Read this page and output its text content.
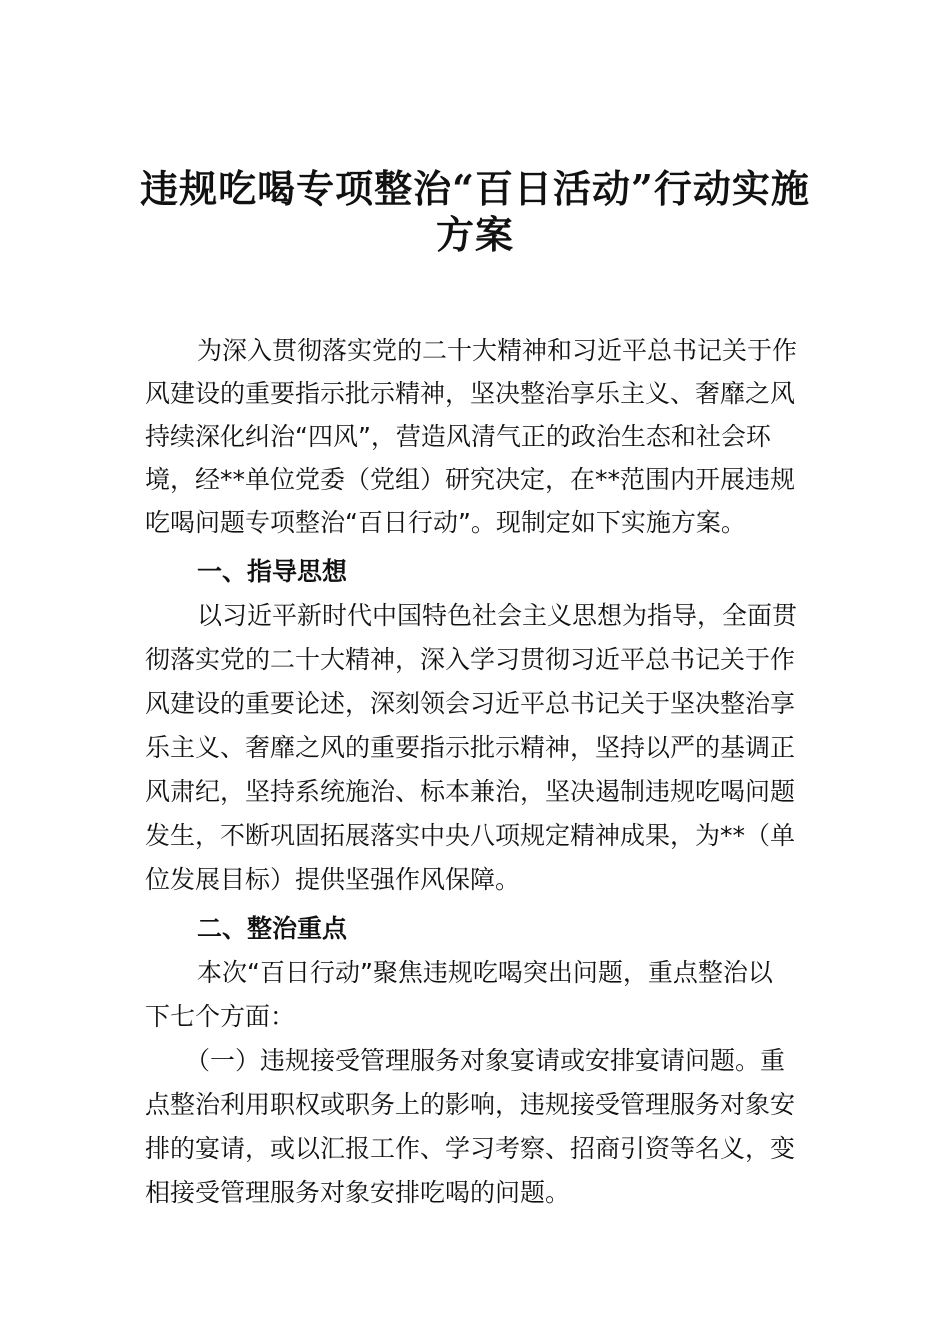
违规吃喝专项整治“百日活动”行动实施
方案
为深入贯彻落实党的二十大精神和习近平总书记关于作
风建设的重要指示批示精神，坚决整治享乐主义、奢靡之风
持续深化纠治“四风”，营造风清气正的政治生态和社会环
境，经**单位党委（党组）研究决定，在**范围内开展违规
吃喝问题专项整治“百日行动”。现制定如下实施方案。
一、指导思想
以习近平新时代中国特色社会主义思想为指导，全面贯
彻落实党的二十大精神，深入学习贯彻习近平总书记关于作
风建设的重要论述，深刻领会习近平总书记关于坚决整治享
乐主义、奢靡之风的重要指示批示精神，坚持以严的基调正
风肃纪，坚持系统施治、标本兼治，坚决遏制违规吃喝问题
发生，不断巩固拓展落实中央八项规定精神成果，为**（单
位发展目标）提供坚强作风保障。
二、整治重点
本次“百日行动”聚焦违规吃喝突出问题，重点整治以
下七个方面：
（一）违规接受管理服务对象宴请或安排宴请问题。重
点整治利用职权或职务上的影响，违规接受管理服务对象安
排的宴请，或以汇报工作、学习考察、招商引资等名义，变
相接受管理服务对象安排吃喝的问题。
